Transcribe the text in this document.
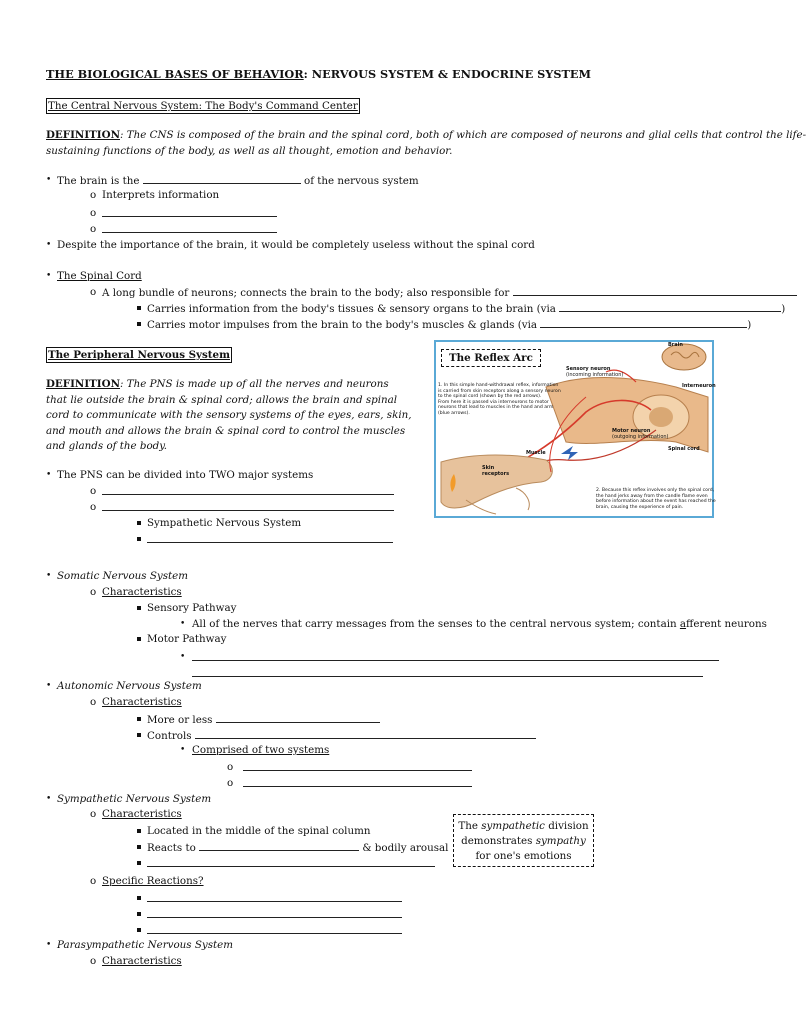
THE BIOLOGICAL BASES OF BEHAVIOR: NERVOUS SYSTEM & ENDOCRINE SYSTEM
The Central Nervous System: The Body's Command Center
DEFINITION: The CNS is composed of the brain and the spinal cord, both of which are composed of neurons and glial cells that control the life-
sustaining functions of the body, as well as all thought, emotion and behavior.
• The brain is the	of the nervous system
o Interprets information
o
o
• Despite the importance of the brain, it would be completely useless without the spinal cord
• The Spinal Cord
o A long bundle of neurons; connects the brain to the body; also responsible for
Carries information from the body's tissues & sensory organs to the brain (via	)
Carries motor impulses from the brain to the body's muscles & glands (via	)
The Peripheral Nervous System
DEFINITION: The PNS is made up of all the nerves and neurons
that lie outside the brain & spinal cord; allows the brain and spinal
cord to communicate with the sensory systems of the eyes, ears, skin,
and mouth and allows the brain & spinal cord to control the muscles
and glands of the body.
• The PNS can be divided into TWO major systems
o
o
Sympathetic Nervous System
The Reflex Arc
Brain
Sensory neuron
(incoming information)
Interneuron
1. In this simple hand-withdrawal reflex, information
is carried from skin receptors along a sensory neuron
to the spinal cord (shown by the red arrows).
From here it is passed via interneurons to motor
neurons that lead to muscles in the hand and arm
(blue arrows).
Motor neuron
(outgoing information)
Spinal cord
Muscle
Skin
receptors
2. Because this reflex involves only the spinal cord,
the hand jerks away from the candle flame even
before information about the event has reached the
brain, causing the experience of pain.
• Somatic Nervous System
o Characteristics
Sensory Pathway
• All of the nerves that carry messages from the senses to the central nervous system; contain afferent neurons
Motor Pathway
•
• Autonomic Nervous System
o Characteristics
More or less
Controls
• Comprised of two systems
o
o
• Sympathetic Nervous System
o Characteristics
Located in the middle of the spinal column
Reacts to	& bodily arousal
o Specific Reactions?
The sympathetic division
demonstrates sympathy
for one's emotions
• Parasympathetic Nervous System
o Characteristics
